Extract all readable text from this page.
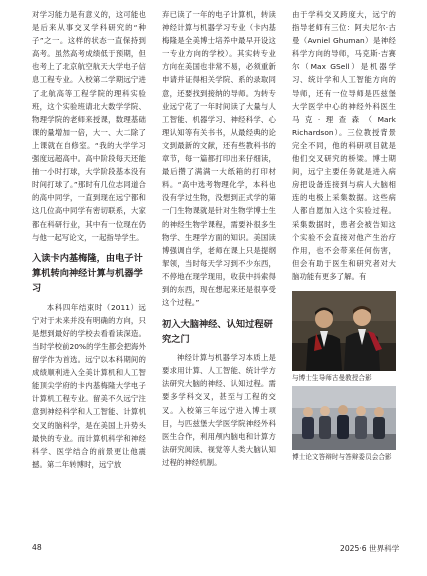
对学习能力是有意义的，这可能也是后来从事交叉学科研究的“种子”之一。这样的状态一直保持到高考。虽然高考成绩低于预期，但也考上了北京航空航天大学电子信息工程专业。入校第二学期远宁进了北航高等工程学院的理科实验班，这个实验班请北大数学学院、物理学院的老师来授课，数理基础课的量增加一倍，大一、大二除了上课就在自修室。“我的大学学习强度远超高中。高中阶段每天还能抽一小时打球，大学阶段基本没有时间打球了。”那时有几位志同道合的高中同学，一直到现在远宁都和这几位高中同学有密切联系，大家都在科研行业，其中有一位现在仍与他一起写论文，一起指导学生。

入读卡内基梅隆，由电子计算机转向神经计算与机器学习

本科四年结束时（2011）远宁对于未来并没有明确的方向，只是想到最好的学校去看看读深造。当时学校前20%的学生都会把海外留学作为首选。远宁以本科期间的成绩顺利进入全美计算机和人工智能顶尖学府的卡内基梅隆大学电子计算机工程专业。留美不久远宁注意到神经科学和人工智能、计算机交叉的脑科学，是在美国上升势头最快的专业。而计算机科学和神经科学、医学结合的前景更让他震撼。第二年转博时，远宁放

弃已读了一年的电子计算机，转读神经计算与机器学习专业（卡内基梅隆是全美博士培养中最早开设这一专业方向的学校）。其实转专业方向在美国也非常不易，必须重新申请并证得相关学院、系的录取同意，还要找到接纳的导师。为转专业远宁花了一年时间读了大量与人工智能、机器学习、神经科学、心理认知等有关书书，从最经典的论文到最新的文献，还有些教科书的章节，每一篇都打印出来仔细读，最后攒了满满一大纸箱的打印材料。“高中选考物理化学，本科也没有学过生物，没想到正式学的第一门生物课就是针对生物学博士生的神经生物学课程，需要补很多生物学、生理学方面的知识。美国读博强调自学，老师在课上只是提纲挈领，当时每天学习到不少东西，不停地在现学现用，收获中抖索得到的东西，现在想起来还是很享受这个过程。”

初入大脑神经、认知过程研究之门

神经计算与机器学习本质上是要求用计算、人工智能、统计学方法研究大脑的神经、认知过程。需要多学科交叉，甚至与工程的交叉。入校第三年远宁进入博士项目，与匹兹堡大学医学院神经外科医生合作，利用颅内脑电和计算方法研究阅读、视觉等人类大脑认知过程的神经机制。

由于学科交叉跨度大，远宁的指导老师有三位：阿夫尼尔·古曼（Avniel Ghuman）是神经科学方向的导师，马克斯·吉赛尔（Max GSell）是机器学习、统计学和人工智能方向的导师，还有一位导师是匹兹堡大学医学中心的神经外科医生马克·理查森（Mark Richardson）。三位教授背景完全不同，他的科研项目就是他们交叉研究的桥梁。博士期间，远宁主要任务就是进入病房把设备连接到与病人大脑相连的电极上采集数据。这些病人都自愿加入这个实验过程。采集数据时，患者会被告知这个实验不会直接对他产生治疗作用，也不会带来任何伤害，但会有助于医生和研究者对大脑功能有更多了解。有

与博士生导师古曼教授合影
博士论文答辩时与答辩委员会合影
48	2025·6 世界科学
